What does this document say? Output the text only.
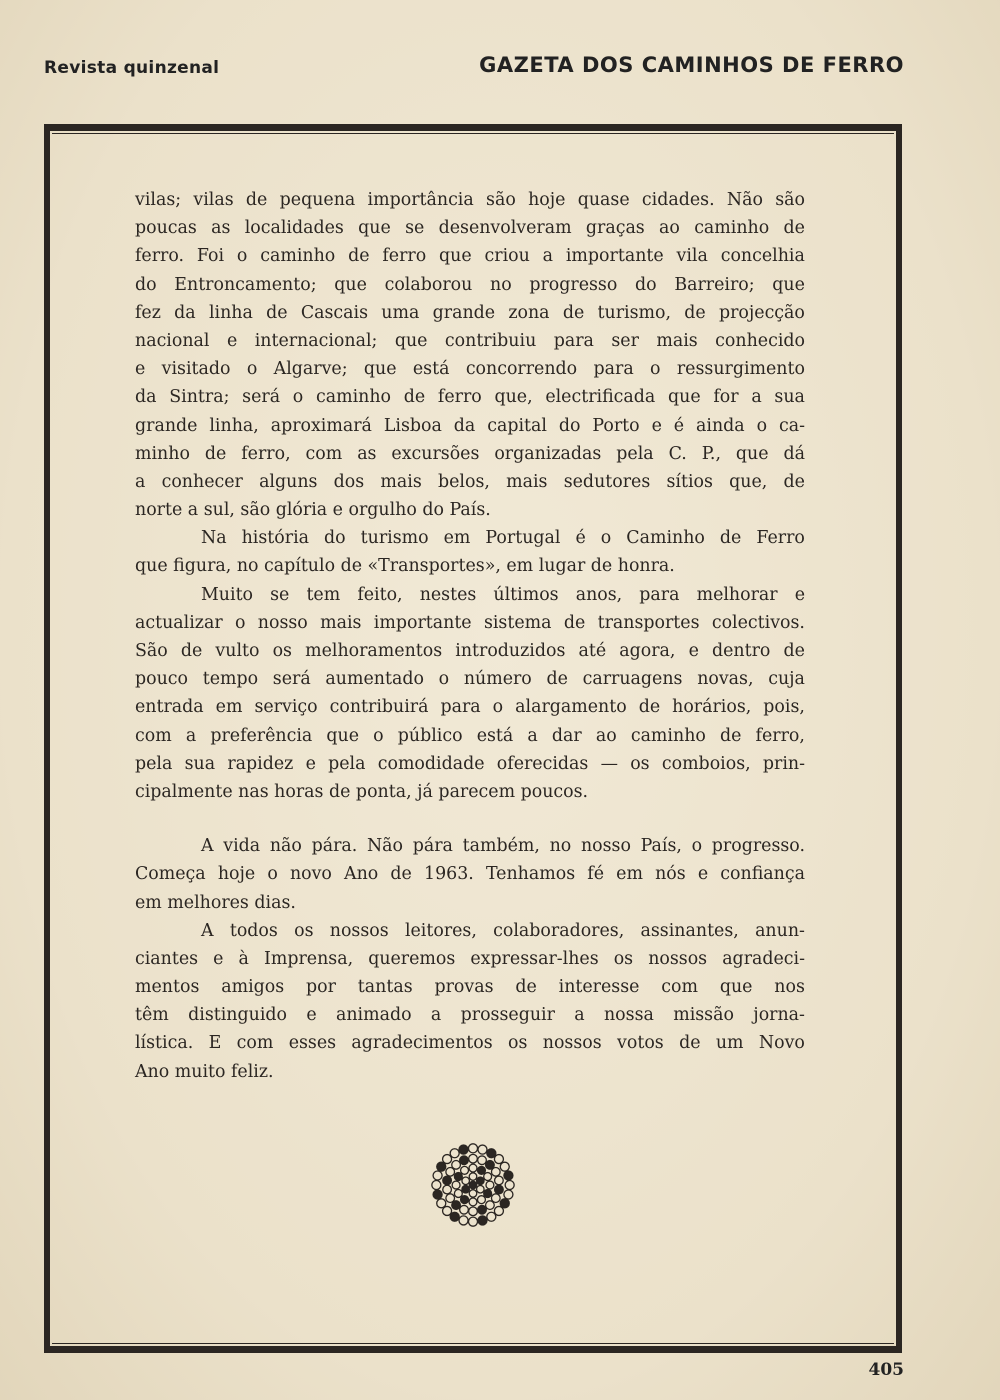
Revista quinzenal	GAZETA DOS CAMINHOS DE FERRO
vilas; vilas de pequena importância são hoje quase cidades. Não são
poucas as localidades que se desenvolveram graças ao caminho de
ferro. Foi o caminho de ferro que criou a importante vila concelhia
do Entroncamento; que colaborou no progresso do Barreiro; que
fez da linha de Cascais uma grande zona de turismo, de projecção
nacional e internacional; que contribuiu para ser mais conhecido
e visitado o Algarve; que está concorrendo para o ressurgimento
da Sintra; será o caminho de ferro que, electrificada que for a sua
grande linha, aproximará Lisboa da capital do Porto e é ainda o ca-
minho de ferro, com as excursões organizadas pela C. P., que dá
a conhecer alguns dos mais belos, mais sedutores sítios que, de
norte a sul, são glória e orgulho do País.
Na história do turismo em Portugal é o Caminho de Ferro
que figura, no capítulo de «Transportes», em lugar de honra.
Muito se tem feito, nestes últimos anos, para melhorar e
actualizar o nosso mais importante sistema de transportes colectivos.
São de vulto os melhoramentos introduzidos até agora, e dentro de
pouco tempo será aumentado o número de carruagens novas, cuja
entrada em serviço contribuirá para o alargamento de horários, pois,
com a preferência que o público está a dar ao caminho de ferro,
pela sua rapidez e pela comodidade oferecidas — os comboios, prin-
cipalmente nas horas de ponta, já parecem poucos.
A vida não pára. Não pára também, no nosso País, o progresso.
Começa hoje o novo Ano de 1963. Tenhamos fé em nós e confiança
em melhores dias.
A todos os nossos leitores, colaboradores, assinantes, anun-
ciantes e à Imprensa, queremos expressar-lhes os nossos agradeci-
mentos amigos por tantas provas de interesse com que nos
têm distinguido e animado a prosseguir a nossa missão jorna-
lística. E com esses agradecimentos os nossos votos de um Novo
Ano muito feliz.
405
